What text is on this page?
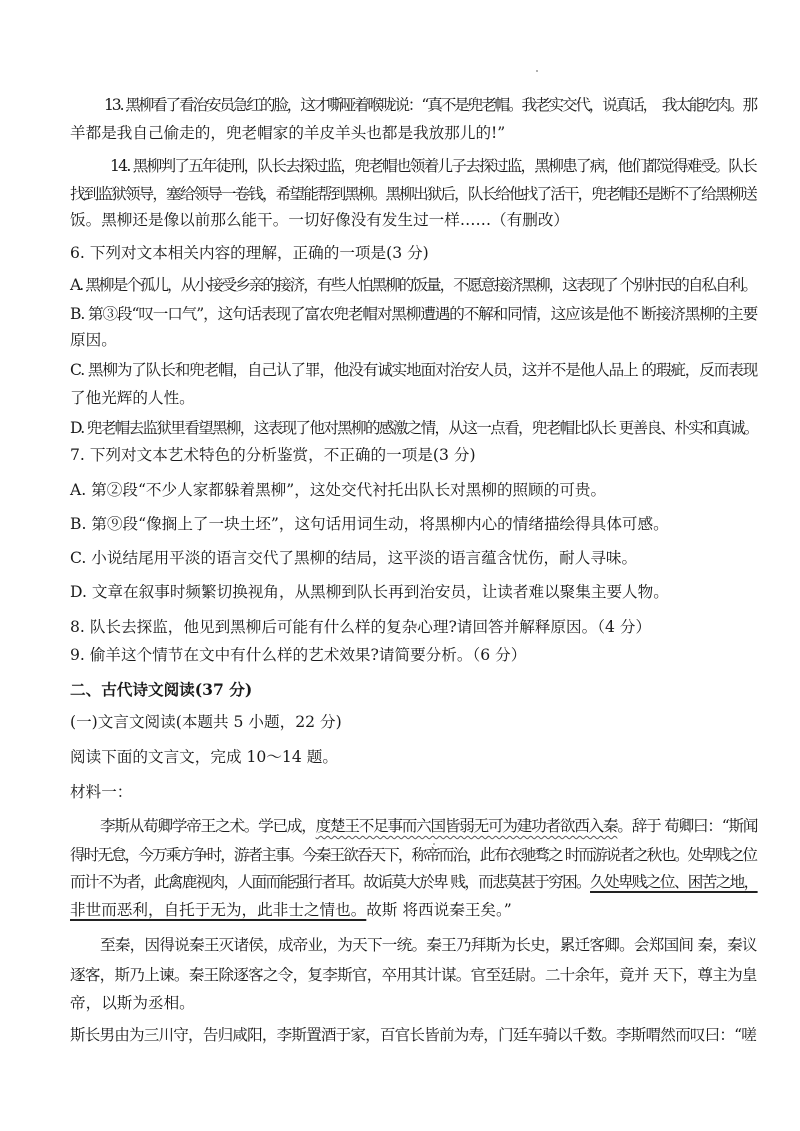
13. 黑柳看了看治安员急红的脸，这才嘶哑着喉咙说：“真不是兜老帽。我老实交代，说真话，　我太能吃肉。那
羊都是我自己偷走的，兜老帽家的羊皮羊头也都是我放那儿的!”
14. 黑柳判了五年徒刑，队长去探过监，兜老帽也领着儿子去探过监，黑柳患了病，他们都觉得难受。队长
找到监狱领导，塞给领导一卷钱，希望能帮到黑柳。黑柳出狱后，队长给他找了活干，兜老帽还是断不了给黑柳送
饭。黑柳还是像以前那么能干。一切好像没有发生过一样……（有删改）
6. 下列对文本相关内容的理解，正确的一项是(3 分)
A. 黑柳是个孤儿，从小接受乡亲的接济，有些人怕黑柳的饭量，不愿意接济黑柳，这表现了 个别村民的自私自利。
B. 第③段“叹一口气”，这句话表现了富农兜老帽对黑柳遭遇的不解和同情，这应该是他不 断接济黑柳的主要
原因。
C. 黑柳为了队长和兜老帽，自己认了罪，他没有诚实地面对治安人员，这并不是他人品上 的瑕疵，反而表现
了他光辉的人性。
D. 兜老帽去监狱里看望黑柳，这表现了他对黑柳的感激之情，从这一点看，兜老帽比队长 更善良、朴实和真诚。
7. 下列对文本艺术特色的分析鉴赏，不正确的一项是(3 分)
A. 第②段“不少人家都躲着黑柳”，这处交代衬托出队长对黑柳的照顾的可贵。
B. 第⑨段“像搁上了一块土坯”，这句话用词生动，将黑柳内心的情绪描绘得具体可感。
C. 小说结尾用平淡的语言交代了黑柳的结局，这平淡的语言蕴含忧伤，耐人寻味。
D. 文章在叙事时频繁切换视角，从黑柳到队长再到治安员，让读者难以聚集主要人物。
8. 队长去探监，他见到黑柳后可能有什么样的复杂心理?请回答并解释原因。（4 分）
9. 偷羊这个情节在文中有什么样的艺术效果?请简要分析。（6 分）
二、古代诗文阅读(37 分)
(一)文言文阅读(本题共 5 小题，22 分)
阅读下面的文言文，完成 10～14 题。
材料一：
李斯从荀卿学帝王之术。学已成，度楚王不足事而六国皆弱无可为建功者欲西入秦。辞于 荀卿曰：“斯闻
得时无怠，今万乘方争时，游者主事。今秦王欲吞天下，称帝而治，此布衣驰骛之 时而游说者之秋也。处卑贱之位
而计不为者，此禽鹿视肉，人面而能强行者耳。故诟莫大於卑 贱，而悲莫甚于穷困。久处卑贱之位、困苦之地，
非世而恶利，自托于无为，此非士之情也。故斯 将西说秦王矣。”
至秦，因得说秦王灭诸侯，成帝业，为天下一统。秦王乃拜斯为长史，累迁客卿。会郑国间 秦，秦议
逐客，斯乃上谏。秦王除逐客之令，复李斯官，卒用其计谋。官至廷尉。二十余年，竟并 天下，尊主为皇
帝，以斯为丞相。
斯长男由为三川守，告归咸阳，李斯置酒于家，百官长皆前为寿，门廷车骑以千数。李斯喟然而叹曰：“嗟
